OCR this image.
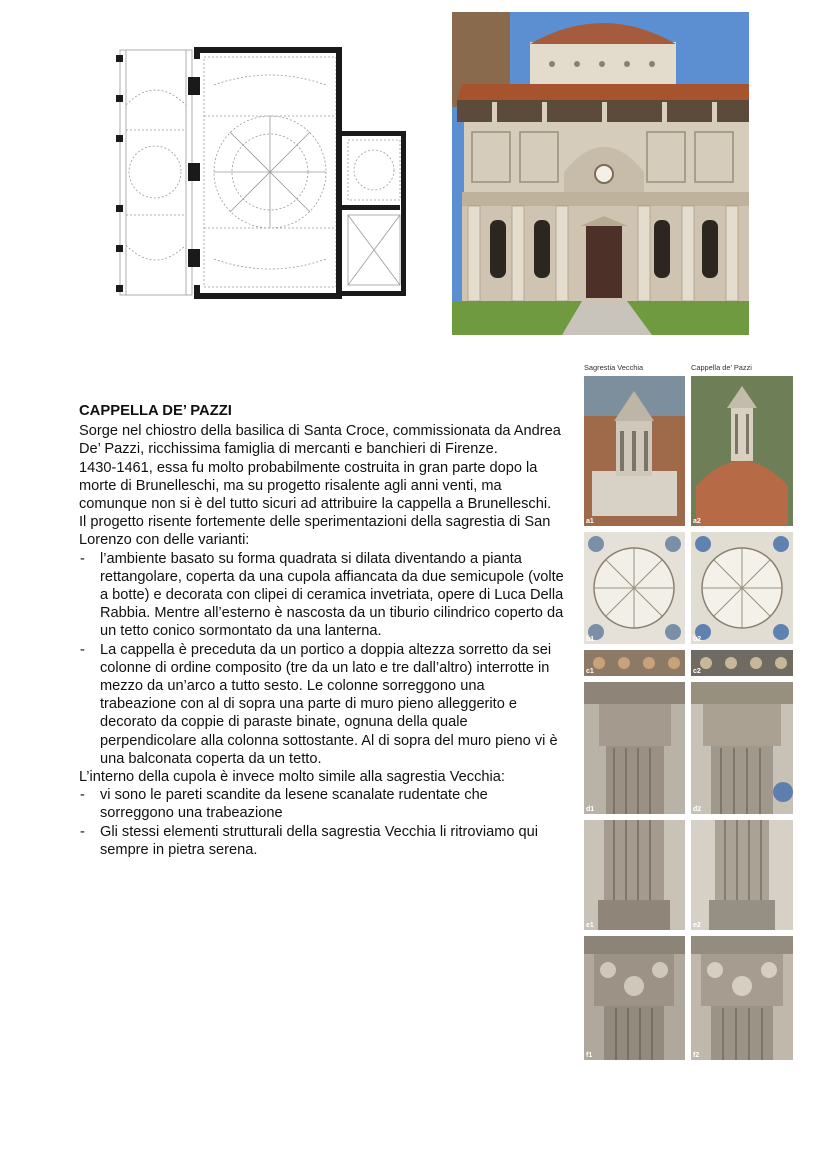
CAPPELLA DE’ PAZZI

Sorge nel chiostro della basilica di Santa Croce, commissionata da Andrea De’ Pazzi, ricchissima famiglia di mercanti e banchieri di Firenze.

1430-1461, essa fu molto probabilmente costruita in gran parte dopo la morte di Brunelleschi, ma su progetto risalente agli anni venti, ma comunque non si è del tutto sicuri ad attribuire la cappella a Brunelleschi.

Il progetto risente fortemente delle sperimentazioni della sagrestia di San Lorenzo con delle varianti:

- l’ambiente basato su forma quadrata si dilata diventando a pianta rettangolare, coperta da una cupola affiancata da due semicupole (volte a botte) e decorata con clipei di ceramica invetriata, opere di Luca Della Rabbia. Mentre all’esterno è nascosta da un tiburio cilindrico coperto da un tetto conico sormontato da una lanterna.

- La cappella è preceduta da un portico a doppia altezza sorretto da sei colonne di ordine composito (tre da un lato e tre dall’altro) interrotte in mezzo da un’arco a tutto sesto. Le colonne sorreggono una trabeazione con al di sopra una parte di muro pieno alleggerito e decorato da coppie di paraste binate, ognuna della quale perpendicolare alla colonna sottostante. Al di sopra del muro pieno vi è una balconata coperta da un tetto.

L’interno della cupola è invece molto simile alla sagrestia Vecchia:

- vi sono le pareti scandite da lesene scanalate rudentate che sorreggono una trabeazione

- Gli stessi elementi strutturali della sagrestia Vecchia li ritroviamo qui sempre in pietra serena.

Sagrestia Vecchia	Cappella de’ Pazzi
a1	a2
b1	b2
c1	c2
d1	d2
e1	e2
f1	f2
